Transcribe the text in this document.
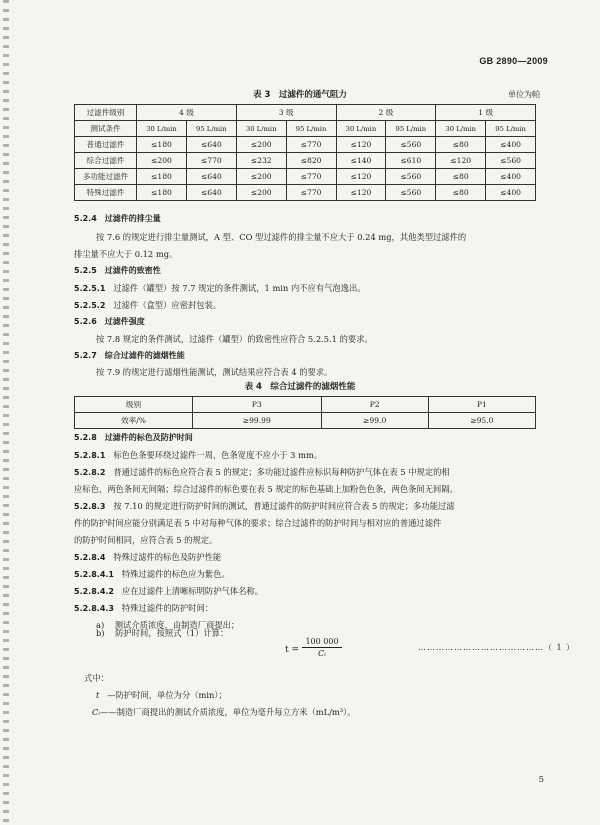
GB 2890—2009
表 3　过滤件的通气阻力	单位为帕
过滤件级别	4 级		3 级		2 级		1 级	
测试条件	30 L/min	95 L/min	30 L/min	95 L/min	30 L/min	95 L/min	30 L/min	95 L/min
普通过滤件	≤180	≤640	≤200	≤770	≤120	≤560	≤80	≤400
综合过滤件	≤200	≤770	≤232	≤820	≤140	≤610	≤120	≤560
多功能过滤件	≤180	≤640	≤200	≤770	≤120	≤560	≤80	≤400
特殊过滤件	≤180	≤640	≤200	≤770	≤120	≤560	≤80	≤400
5.2.4 过滤件的排尘量
按 7.6 的规定进行排尘量测试，A 型、CO 型过滤件的排尘量不应大于 0.24 mg，其他类型过滤件的
排尘量不应大于 0.12 mg。
5.2.5 过滤件的致密性
5.2.5.1 过滤件（罐型）按 7.7 规定的条件测试，1 min 内不应有气泡逸出。
5.2.5.2 过滤件（盒型）应密封包装。
5.2.6 过滤件强度
按 7.8 规定的条件测试，过滤件（罐型）的致密性应符合 5.2.5.1 的要求。
5.2.7 综合过滤件的滤烟性能
按 7.9 的规定进行滤烟性能测试，测试结果应符合表 4 的要求。
表 4　综合过滤件的滤烟性能
级别	P3	P2	P1
效率/%	≥99.99	≥99.0	≥95.0
5.2.8 过滤件的标色及防护时间
5.2.8.1 标色色条要环绕过滤件一周，色条宽度不应小于 3 mm。
5.2.8.2 普通过滤件的标色应符合表 5 的规定；多功能过滤件应标识每种防护气体在表 5 中规定的相
应标色，两色条间无间隔；综合过滤件的标色要在表 5 规定的标色基础上加粉色色条，两色条间无间隔。
5.2.8.3 按 7.10 的规定进行防护时间的测试，普通过滤件的防护时间应符合表 5 的规定；多功能过滤
件的防护时间应能分别满足表 5 中对每种气体的要求；综合过滤件的防护时间与相对应的普通过滤件
的防护时间相同，应符合表 5 的规定。
5.2.8.4 特殊过滤件的标色及防护性能
5.2.8.4.1 特殊过滤件的标色应为紫色。
5.2.8.4.2 应在过滤件上清晰标明防护气体名称。
5.2.8.4.3 特殊过滤件的防护时间：
a) 测试介质浓度，由制造厂商提出；
b) 防护时间，按照式（1）计算：
$t = \frac{100 000}{\text{Cᵢ}}$	……………………………………（ 1 ）
式中：
t —防护时间，单位为分（min）；
Cᵢ——制造厂商提出的测试介质浓度，单位为毫升每立方米（mL/m³）。
5
